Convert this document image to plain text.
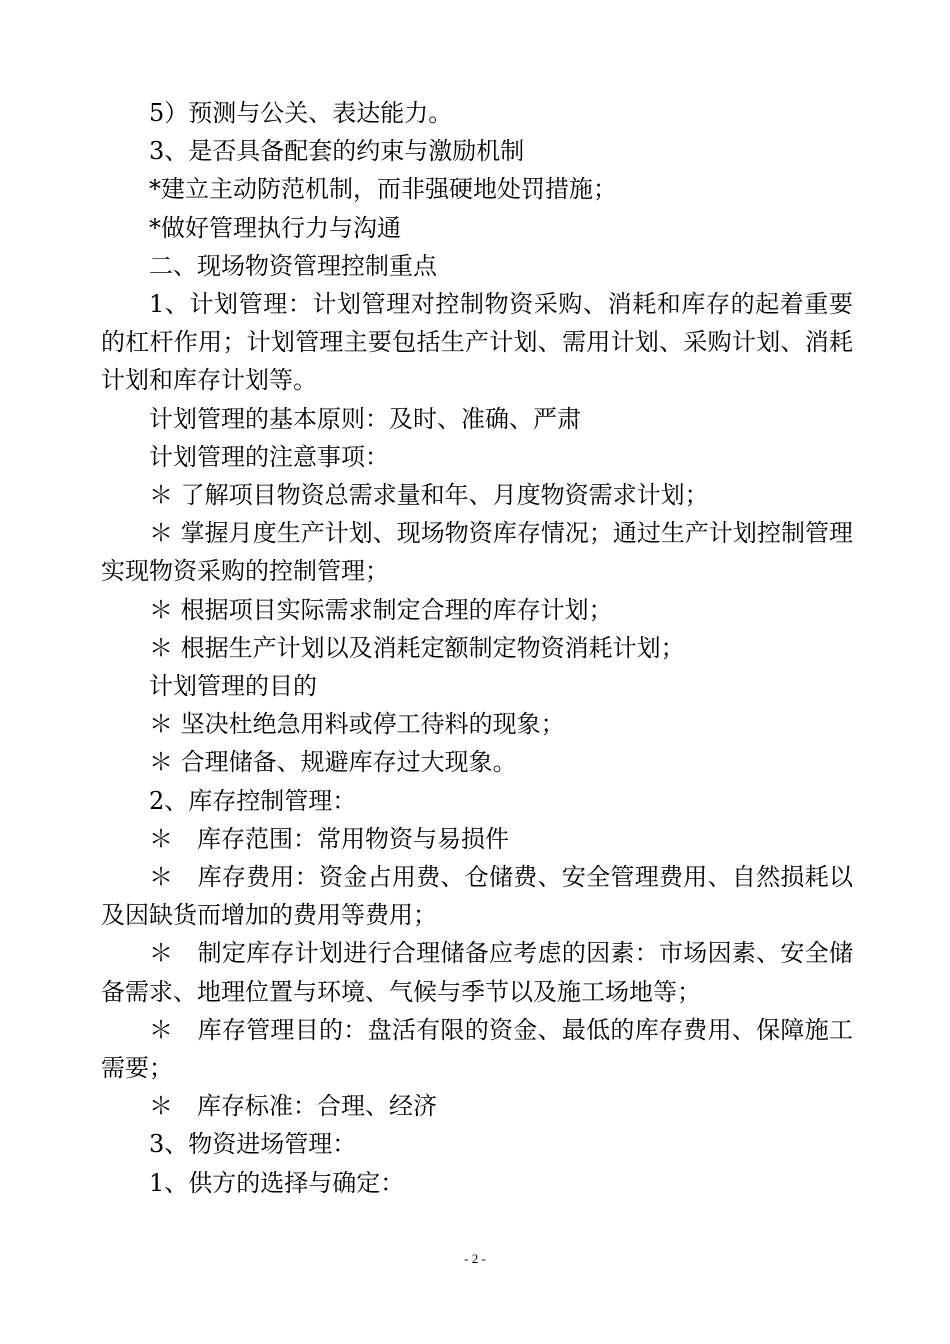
5）预测与公关、表达能力。

3、是否具备配套的约束与激励机制

*建立主动防范机制，而非强硬地处罚措施；

*做好管理执行力与沟通

二、现场物资管理控制重点

1、计划管理：计划管理对控制物资采购、消耗和库存的起着重要的杠杆作用；计划管理主要包括生产计划、需用计划、采购计划、消耗计划和库存计划等。

计划管理的基本原则：及时、准确、严肃

计划管理的注意事项：

＊ 了解项目物资总需求量和年、月度物资需求计划；

＊ 掌握月度生产计划、现场物资库存情况；通过生产计划控制管理实现物资采购的控制管理；

＊ 根据项目实际需求制定合理的库存计划；

＊ 根据生产计划以及消耗定额制定物资消耗计划；

计划管理的目的

＊ 坚决杜绝急用料或停工待料的现象；

＊ 合理储备、规避库存过大现象。

2、库存控制管理：

＊　库存范围：常用物资与易损件

＊　库存费用：资金占用费、仓储费、安全管理费用、自然损耗以及因缺货而增加的费用等费用；

＊　制定库存计划进行合理储备应考虑的因素：市场因素、安全储备需求、地理位置与环境、气候与季节以及施工场地等；

＊　库存管理目的：盘活有限的资金、最低的库存费用、保障施工需要；

＊　库存标准：合理、经济

3、物资进场管理：

1、供方的选择与确定：

- 2 -
